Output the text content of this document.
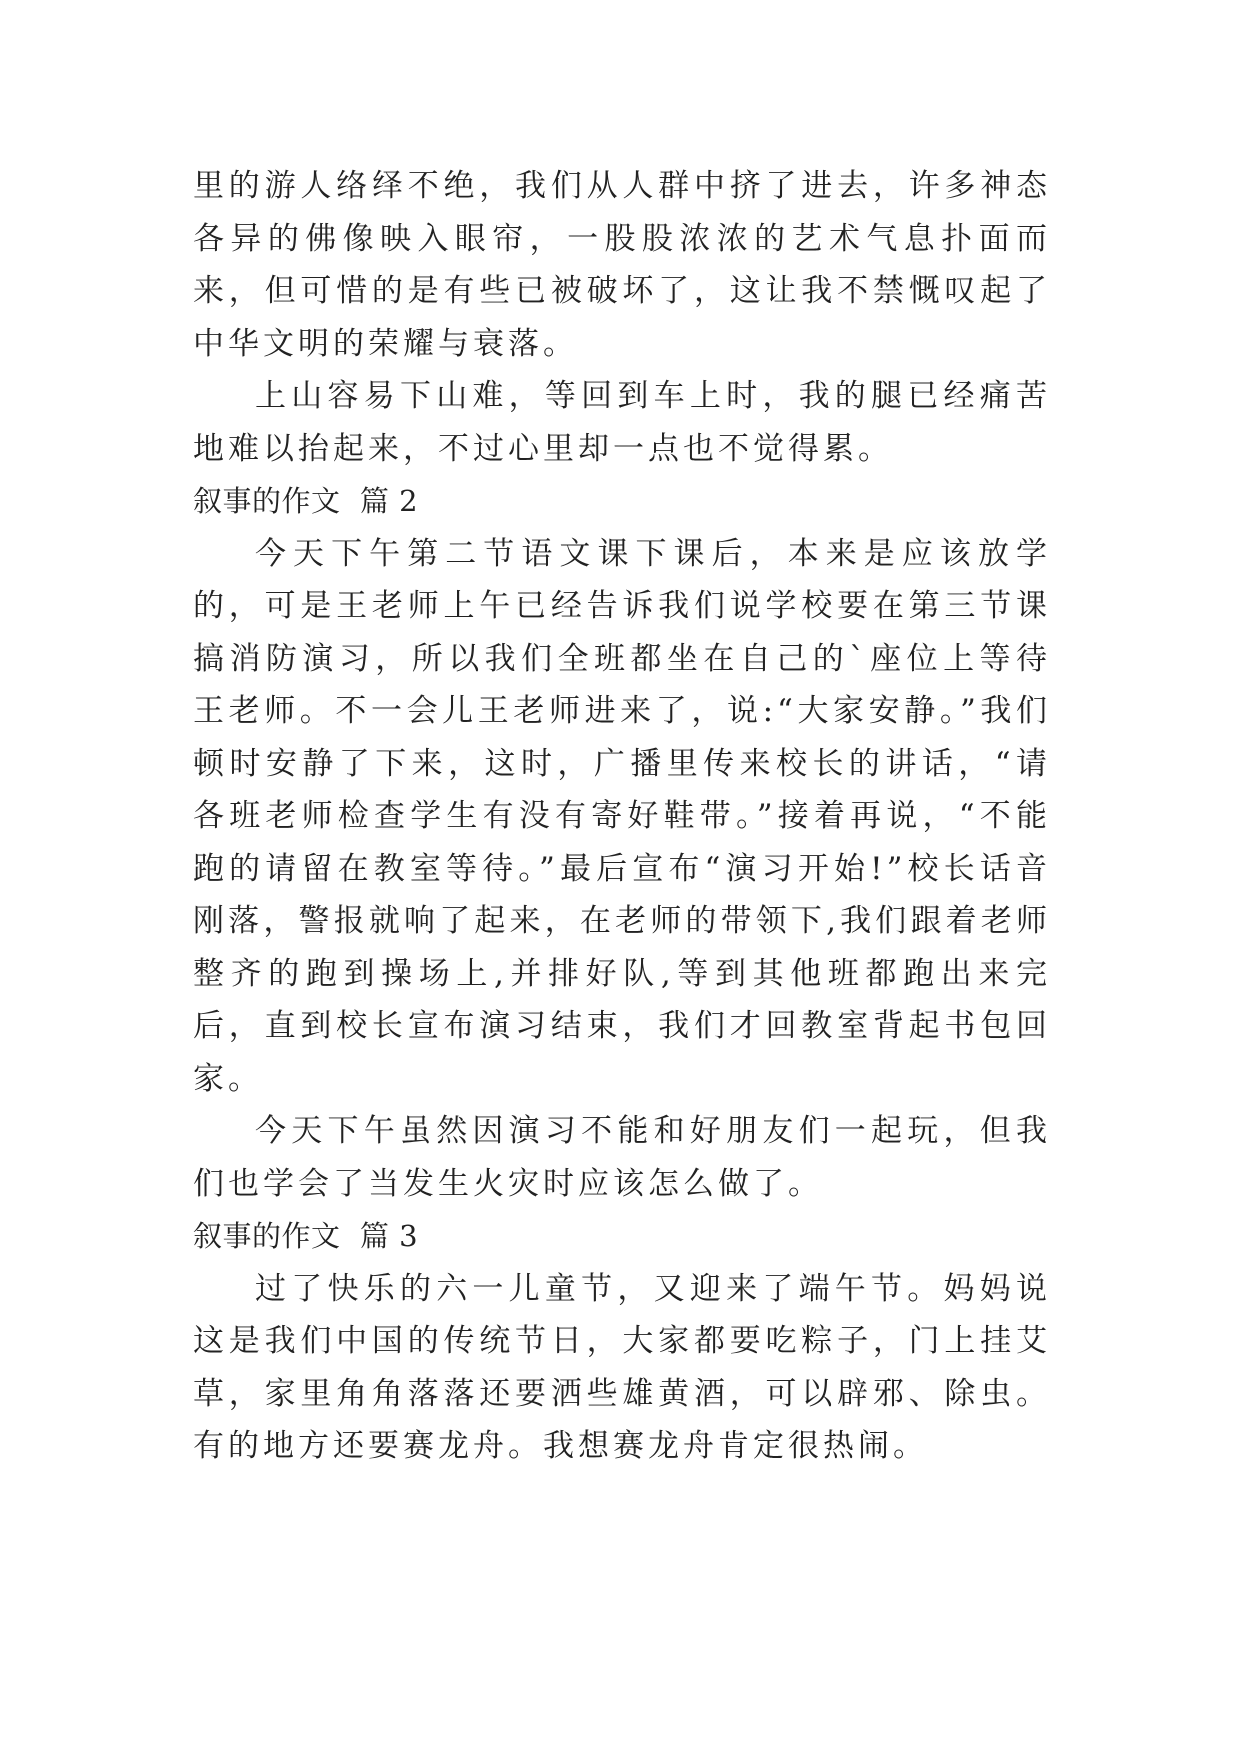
里的游人络绎不绝，我们从人群中挤了进去，许多神态各异的佛像映入眼帘，一股股浓浓的艺术气息扑面而来，但可惜的是有些已被破坏了，这让我不禁慨叹起了中华文明的荣耀与衰落。

上山容易下山难，等回到车上时，我的腿已经痛苦地难以抬起来，不过心里却一点也不觉得累。

叙事的作文  篇 2

今天下午第二节语文课下课后，本来是应该放学的，可是王老师上午已经告诉我们说学校要在第三节课搞消防演习，所以我们全班都坐在自己的`座位上等待王老师。不一会儿王老师进来了，说:“大家安静。”我们顿时安静了下来，这时，广播里传来校长的讲话，“请各班老师检查学生有没有寄好鞋带。”接着再说，“不能跑的请留在教室等待。”最后宣布“演习开始!”校长话音刚落，警报就响了起来，在老师的带领下,我们跟着老师整齐的跑到操场上,并排好队,等到其他班都跑出来完后，直到校长宣布演习结束，我们才回教室背起书包回家。

今天下午虽然因演习不能和好朋友们一起玩，但我们也学会了当发生火灾时应该怎么做了。

叙事的作文  篇 3

过了快乐的六一儿童节，又迎来了端午节。妈妈说这是我们中国的传统节日，大家都要吃粽子，门上挂艾草，家里角角落落还要洒些雄黄酒，可以辟邪、除虫。有的地方还要赛龙舟。我想赛龙舟肯定很热闹。
